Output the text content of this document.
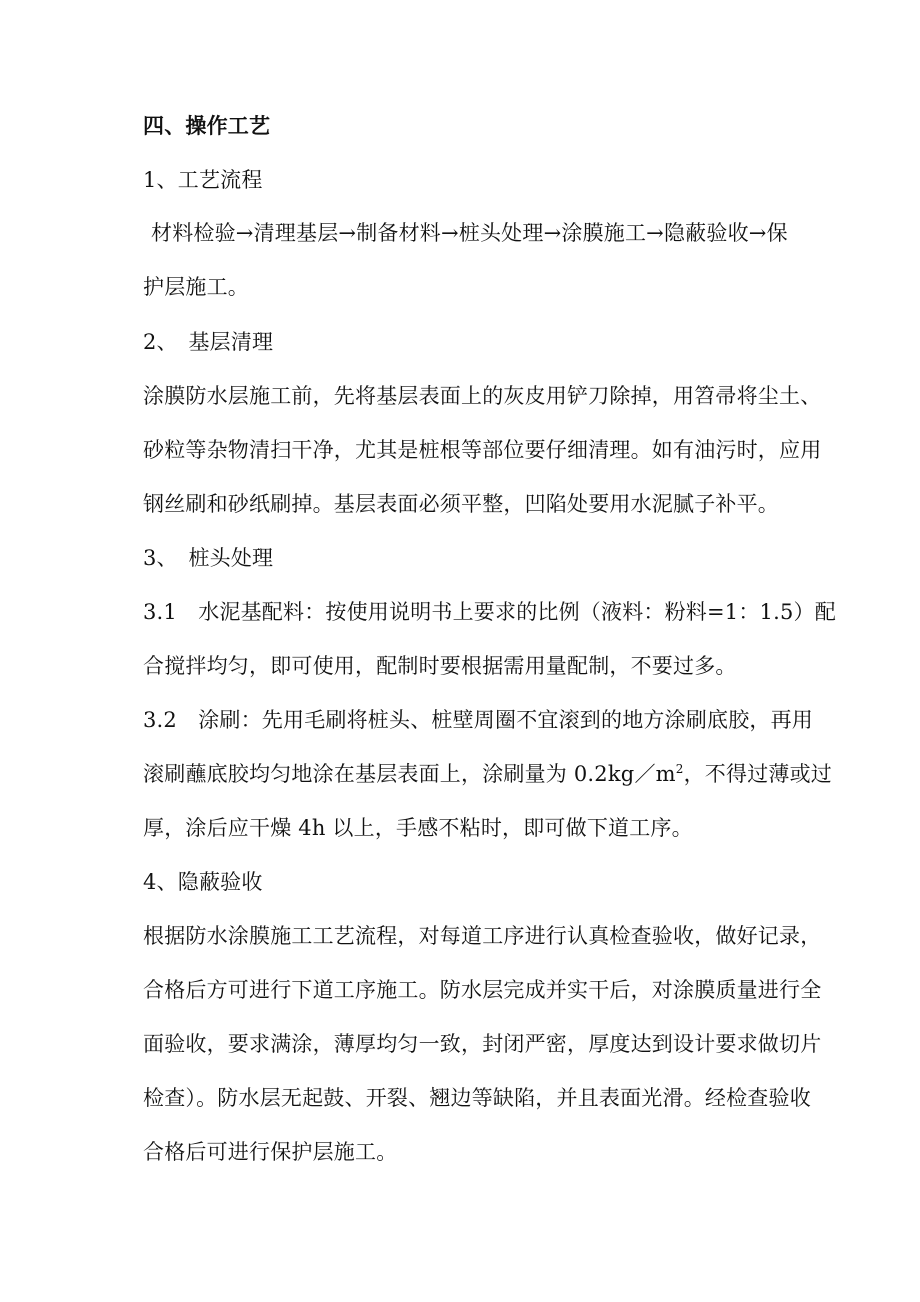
四、操作工艺
1、工艺流程
材料检验→清理基层→制备材料→桩头处理→涂膜施工→隐蔽验收→保
护层施工。
2、　基层清理
涂膜防水层施工前，先将基层表面上的灰皮用铲刀除掉，用笤帚将尘土、
砂粒等杂物清扫干净，尤其是桩根等部位要仔细清理。如有油污时，应用
钢丝刷和砂纸刷掉。基层表面必须平整，凹陷处要用水泥腻子补平。
3、　桩头处理
3.1　水泥基配料：按使用说明书上要求的比例（液料：粉料=1：1.5）配
合搅拌均匀，即可使用，配制时要根据需用量配制，不要过多。
3.2　涂刷：先用毛刷将桩头、桩壁周圈不宜滚到的地方涂刷底胶，再用
滚刷蘸底胶均匀地涂在基层表面上，涂刷量为 $0.2kg/m^2$，不得过薄或过
厚，涂后应干燥 4h 以上，手感不粘时，即可做下道工序。
4、隐蔽验收
根据防水涂膜施工工艺流程，对每道工序进行认真检查验收，做好记录，
合格后方可进行下道工序施工。防水层完成并实干后，对涂膜质量进行全
面验收，要求满涂，薄厚均匀一致，封闭严密，厚度达到设计要求做切片
检查）。防水层无起鼓、开裂、翘边等缺陷，并且表面光滑。经检查验收
合格后可进行保护层施工。
